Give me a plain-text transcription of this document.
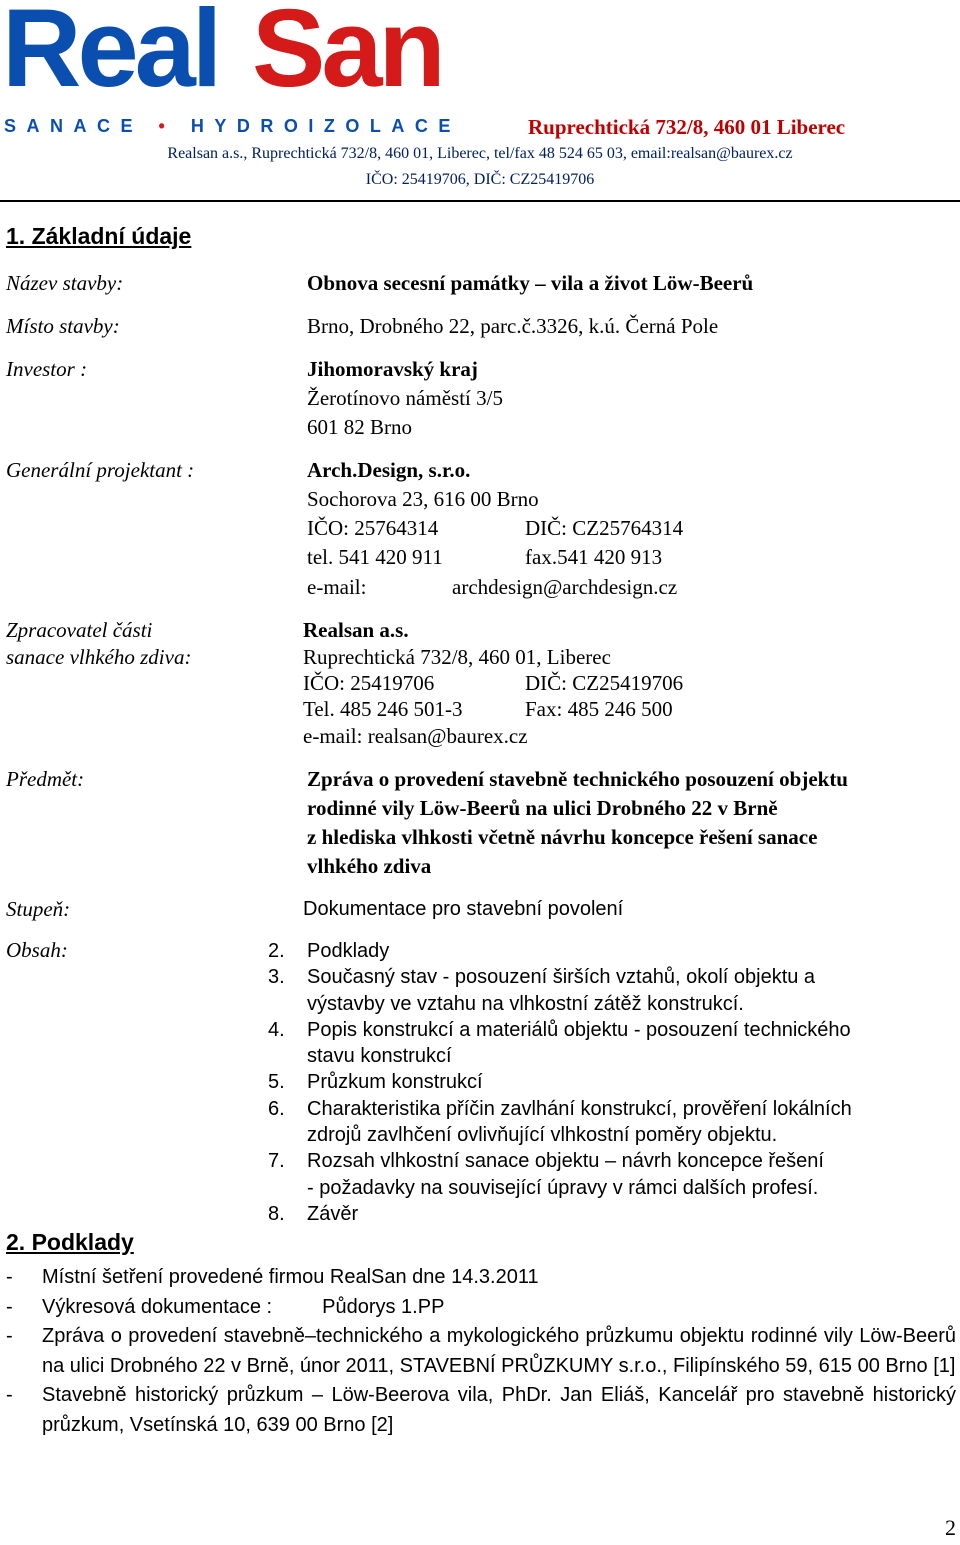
Real San
SANACE • HYDROIZOLACE	Ruprechtická 732/8, 460 01 Liberec
Realsan a.s., Ruprechtická 732/8, 460 01, Liberec, tel/fax 48 524 65 03, email:realsan@baurex.cz
IČO: 25419706, DIČ: CZ25419706
1. Základní údaje
Název stavby:	Obnova secesní památky – vila a život Löw-Beerů
Místo stavby:	Brno, Drobného 22, parc.č.3326, k.ú. Černá Pole
Investor :	Jihomoravský kraj
Žerotínovo náměstí 3/5
601 82 Brno
Generální projektant :	Arch.Design, s.r.o.
Sochorova 23, 616 00 Brno
IČO: 25764314	DIČ: CZ25764314
tel. 541 420 911	fax.541 420 913
e-mail:	archdesign@archdesign.cz
Zpracovatel části
sanace vlhkého zdiva:
Realsan a.s.
Ruprechtická 732/8, 460 01, Liberec
IČO: 25419706	DIČ: CZ25419706
Tel. 485 246 501-3	Fax: 485 246 500
e-mail: realsan@baurex.cz
Předmět:	Zpráva o provedení stavebně technického posouzení objektu
rodinné vily Löw-Beerů na ulici Drobného 22 v Brně
z hlediska vlhkosti včetně návrhu koncepce řešení sanace
vlhkého zdiva
Stupeň:	Dokumentace pro stavební povolení
Obsah:	2. Podklady
3. Současný stav - posouzení širších vztahů, okolí objektu a
výstavby ve vztahu na vlhkostní zátěž konstrukcí.
4. Popis konstrukcí a materiálů objektu - posouzení technického
stavu konstrukcí
5. Průzkum konstrukcí
6. Charakteristika příčin zavlhání konstrukcí, prověření lokálních
zdrojů zavlhčení ovlivňující vlhkostní poměry objektu.
7. Rozsah vlhkostní sanace objektu – návrh koncepce řešení
- požadavky na související úpravy v rámci dalších profesí.
8. Závěr
2. Podklady
- Místní šetření provedené firmou RealSan dne 14.3.2011
- Výkresová dokumentace :         Půdorys 1.PP
- Zpráva o provedení stavebně–technického a mykologického průzkumu objektu rodinné vily Löw-Beerů na ulici Drobného 22 v Brně, únor 2011, STAVEBNÍ PRŮZKUMY s.r.o., Filipínského 59, 615 00 Brno [1]
- Stavebně historický průzkum – Löw-Beerova vila, PhDr. Jan Eliáš, Kancelář pro stavebně historický průzkum, Vsetínská 10, 639 00 Brno [2]
2
